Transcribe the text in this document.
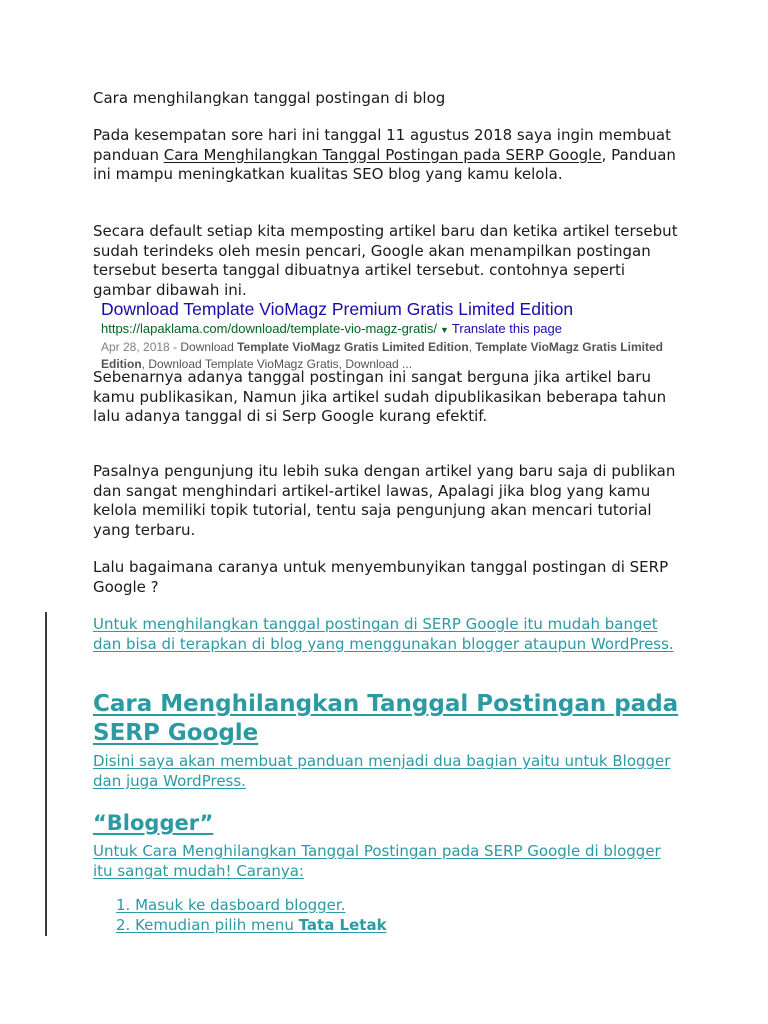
Cara menghilangkan tanggal postingan di blog

Pada kesempatan sore hari ini tanggal 11 agustus 2018 saya ingin membuat panduan Cara Menghilangkan Tanggal Postingan pada SERP Google, Panduan ini mampu meningkatkan kualitas SEO blog yang kamu kelola.

Secara default setiap kita memposting artikel baru dan ketika artikel tersebut sudah terindeks oleh mesin pencari, Google akan menampilkan postingan tersebut beserta tanggal dibuatnya artikel tersebut. contohnya seperti gambar dibawah ini.

Download Template VioMagz Premium Gratis Limited Edition
https://lapaklama.com/download/template-vio-magz-gratis/ ▼ Translate this page
Apr 28, 2018 - Download Template VioMagz Gratis Limited Edition, Template VioMagz Gratis Limited Edition, Download Template VioMagz Gratis, Download ...

Sebenarnya adanya tanggal postingan ini sangat berguna jika artikel baru kamu publikasikan, Namun jika artikel sudah dipublikasikan beberapa tahun lalu adanya tanggal di si Serp Google kurang efektif.

Pasalnya pengunjung itu lebih suka dengan artikel yang baru saja di publikan dan sangat menghindari artikel-artikel lawas, Apalagi jika blog yang kamu kelola memiliki topik tutorial, tentu saja pengunjung akan mencari tutorial yang terbaru.

Lalu bagaimana caranya untuk menyembunyikan tanggal postingan di SERP Google ?

Untuk menghilangkan tanggal postingan di SERP Google itu mudah banget dan bisa di terapkan di blog yang menggunakan blogger ataupun WordPress.

Cara Menghilangkan Tanggal Postingan pada SERP Google

Disini saya akan membuat panduan menjadi dua bagian yaitu untuk Blogger dan juga WordPress.

“Blogger”

Untuk Cara Menghilangkan Tanggal Postingan pada SERP Google di blogger itu sangat mudah! Caranya:

1. Masuk ke dasboard blogger.
2. Kemudian pilih menu Tata Letak
